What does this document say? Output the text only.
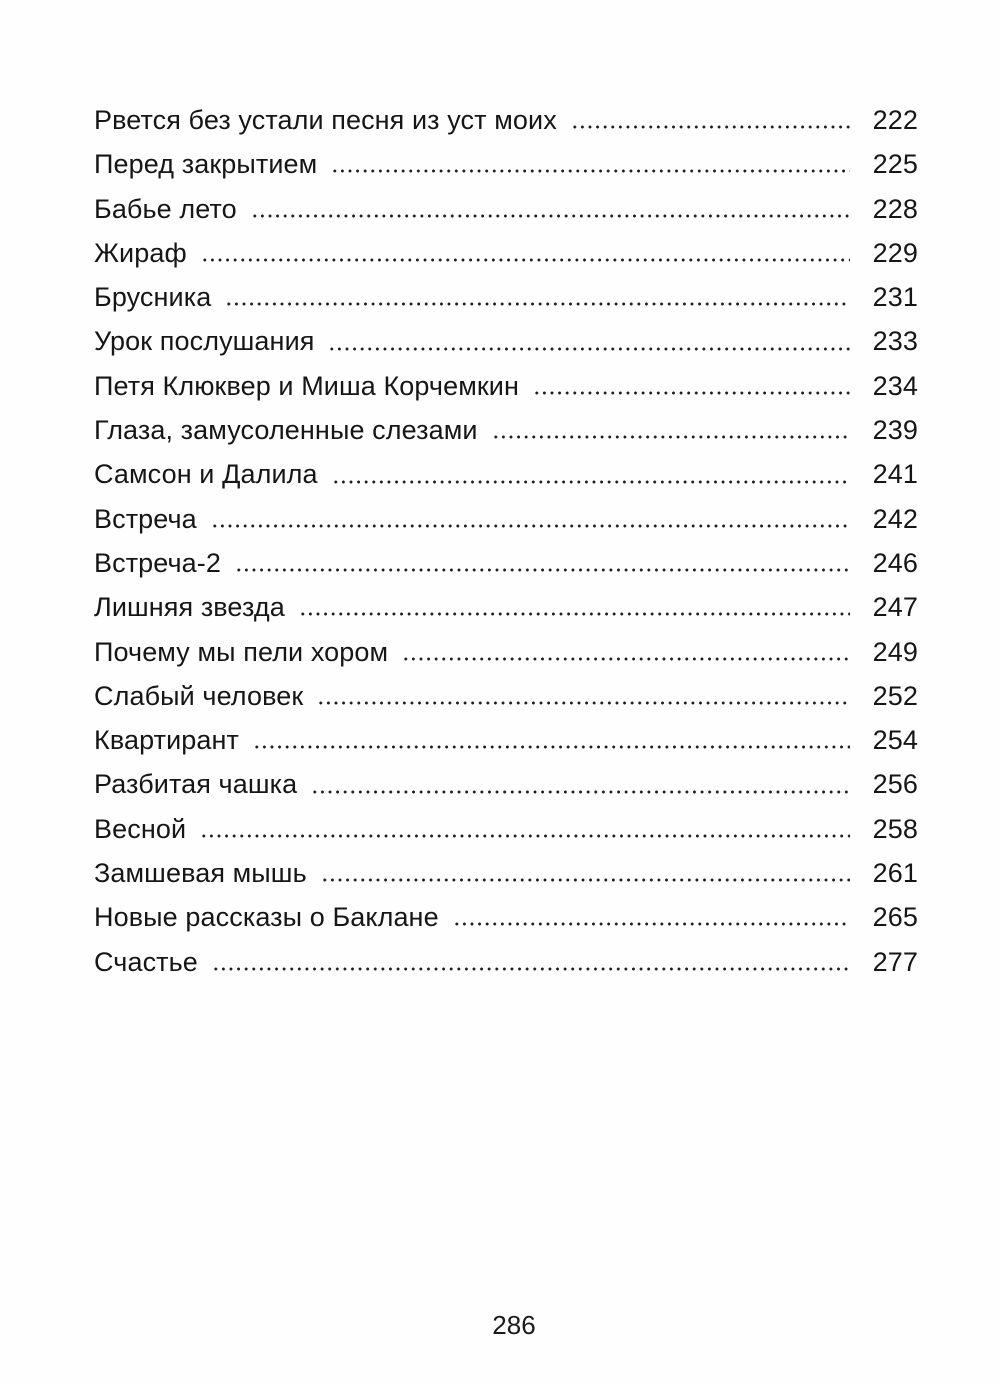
Рвется без устали песня из уст моих	222
Перед закрытием	225
Бабье лето	228
Жираф	229
Брусника	231
Урок послушания	233
Петя Клюквер и Миша Корчемкин	234
Глаза, замусоленные слезами	239
Самсон и Далила	241
Встреча	242
Встреча-2	246
Лишняя звезда	247
Почему мы пели хором	249
Слабый человек	252
Квартирант	254
Разбитая чашка	256
Весной	258
Замшевая мышь	261
Новые рассказы о Баклане	265
Счастье	277
286
